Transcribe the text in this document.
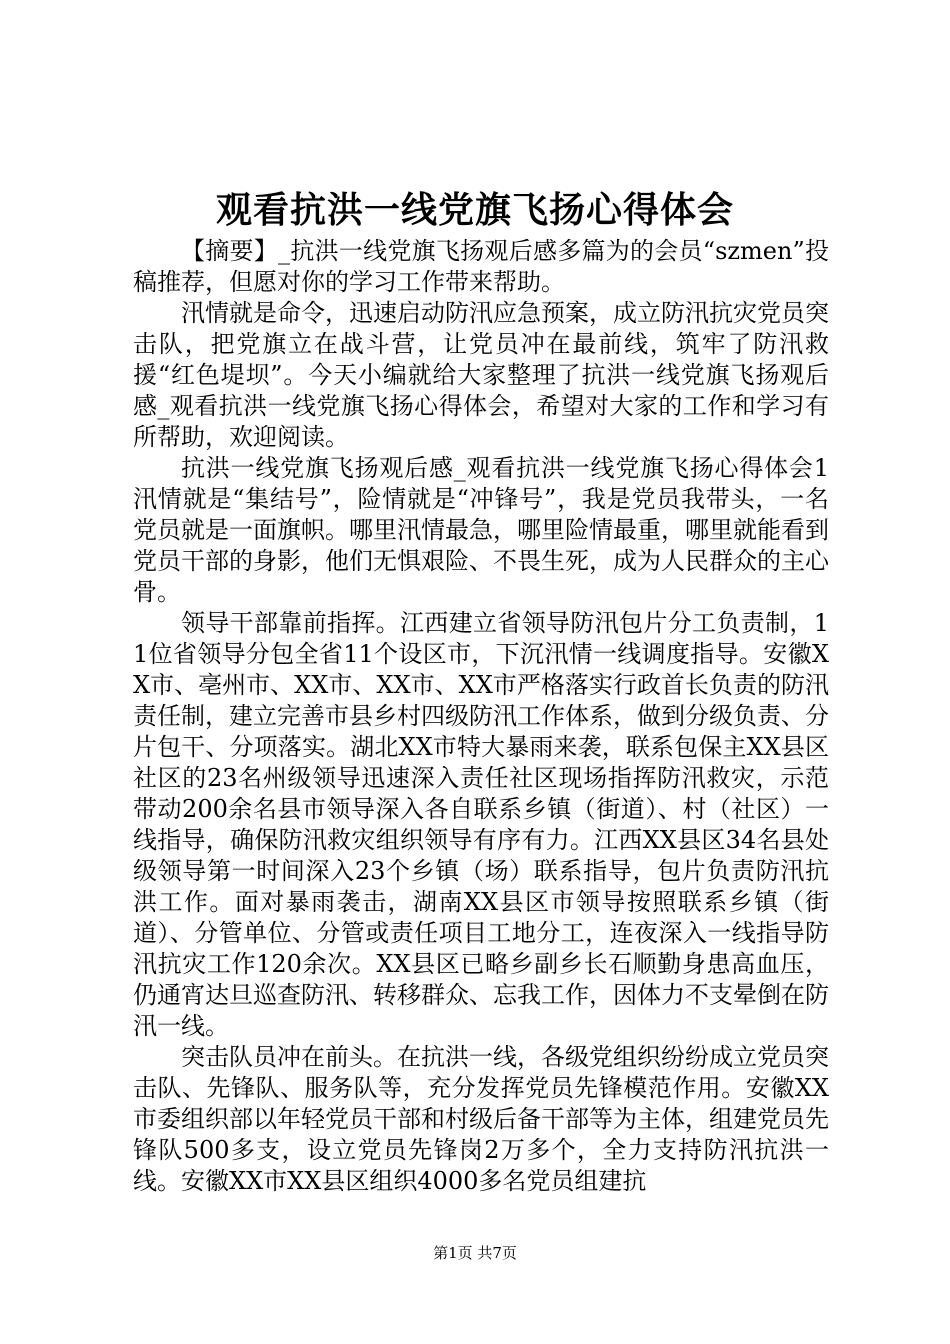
观看抗洪一线党旗飞扬心得体会

【摘要】_抗洪一线党旗飞扬观后感多篇为的会员“szmen”投稿推荐，但愿对你的学习工作带来帮助。

汛情就是命令，迅速启动防汛应急预案，成立防汛抗灾党员突击队，把党旗立在战斗营，让党员冲在最前线，筑牢了防汛救援“红色堤坝”。今天小编就给大家整理了抗洪一线党旗飞扬观后感_观看抗洪一线党旗飞扬心得体会，希望对大家的工作和学习有所帮助，欢迎阅读。

抗洪一线党旗飞扬观后感_观看抗洪一线党旗飞扬心得体会1汛情就是“集结号”，险情就是“冲锋号”，我是党员我带头，一名党员就是一面旗帜。哪里汛情最急，哪里险情最重，哪里就能看到党员干部的身影，他们无惧艰险、不畏生死，成为人民群众的主心骨。

领导干部靠前指挥。江西建立省领导防汛包片分工负责制，11位省领导分包全省11个设区市，下沉汛情一线调度指导。安徽XX市、亳州市、XX市、XX市、XX市严格落实行政首长负责的防汛责任制，建立完善市县乡村四级防汛工作体系，做到分级负责、分片包干、分项落实。湖北XX市特大暴雨来袭，联系包保主XX县区社区的23名州级领导迅速深入责任社区现场指挥防汛救灾，示范带动200余名县市领导深入各自联系乡镇（街道）、村（社区）一线指导，确保防汛救灾组织领导有序有力。江西XX县区34名县处级领导第一时间深入23个乡镇（场）联系指导，包片负责防汛抗洪工作。面对暴雨袭击，湖南XX县区市领导按照联系乡镇（街道）、分管单位、分管或责任项目工地分工，连夜深入一线指导防汛抗灾工作120余次。XX县区已略乡副乡长石顺勤身患高血压，仍通宵达旦巡查防汛、转移群众、忘我工作，因体力不支晕倒在防汛一线。

突击队员冲在前头。在抗洪一线，各级党组织纷纷成立党员突击队、先锋队、服务队等，充分发挥党员先锋模范作用。安徽XX市委组织部以年轻党员干部和村级后备干部等为主体，组建党员先锋队500多支，设立党员先锋岗2万多个，全力支持防汛抗洪一线。安徽XX市XX县区组织4000多名党员组建抗

第1页 共7页
